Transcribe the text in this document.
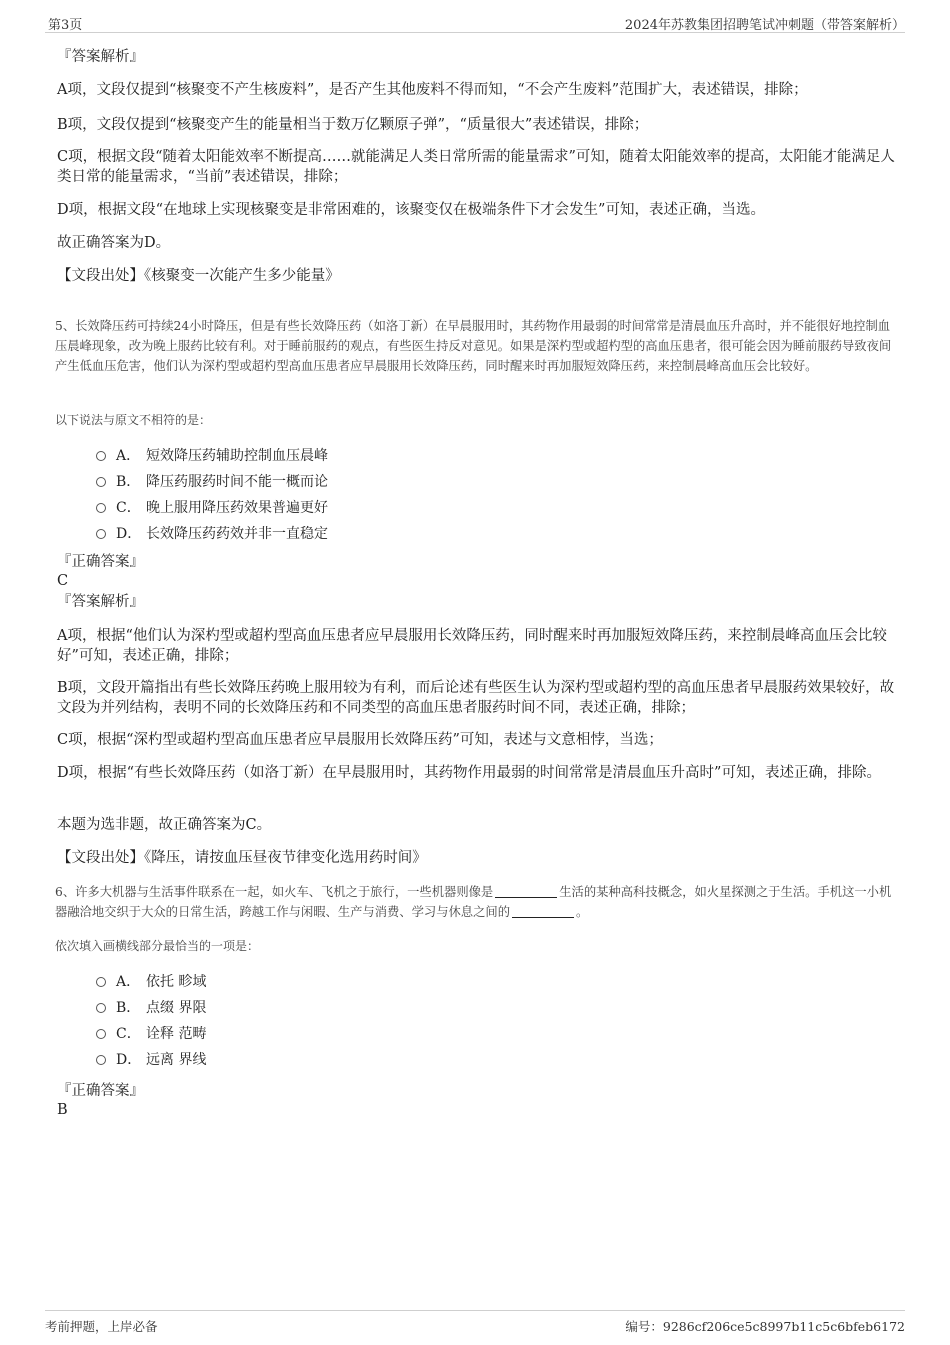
第3页	2024年苏教集团招聘笔试冲刺题（带答案解析）
『答案解析』
A项，文段仅提到“核聚变不产生核废料”，是否产生其他废料不得而知，“不会产生废料”范围扩大，表述错误，排除；
B项，文段仅提到“核聚变产生的能量相当于数万亿颗原子弹”，“质量很大”表述错误，排除；
C项，根据文段“随着太阳能效率不断提高……就能满足人类日常所需的能量需求”可知，随着太阳能效率的提高，太阳能才能满足人类日常的能量需求，“当前”表述错误，排除；
D项，根据文段“在地球上实现核聚变是非常困难的，该聚变仅在极端条件下才会发生”可知，表述正确，当选。
故正确答案为D。
【文段出处】《核聚变一次能产生多少能量》
5、长效降压药可持续24小时降压，但是有些长效降压药（如洛丁新）在早晨服用时，其药物作用最弱的时间常常是清晨血压升高时，并不能很好地控制血压晨峰现象，改为晚上服药比较有利。对于睡前服药的观点，有些医生持反对意见。如果是深杓型或超杓型的高血压患者，很可能会因为睡前服药导致夜间产生低血压危害，他们认为深杓型或超杓型高血压患者应早晨服用长效降压药，同时醒来时再加服短效降压药，来控制晨峰高血压会比较好。
以下说法与原文不相符的是：
A． 短效降压药辅助控制血压晨峰
B． 降压药服药时间不能一概而论
C． 晚上服用降压药效果普遍更好
D． 长效降压药药效并非一直稳定
『正确答案』
C
『答案解析』
A项，根据“他们认为深杓型或超杓型高血压患者应早晨服用长效降压药，同时醒来时再加服短效降压药，来控制晨峰高血压会比较好”可知，表述正确，排除；
B项，文段开篇指出有些长效降压药晚上服用较为有利，而后论述有些医生认为深杓型或超杓型的高血压患者早晨服药效果较好，故文段为并列结构，表明不同的长效降压药和不同类型的高血压患者服药时间不同，表述正确，排除；
C项，根据“深杓型或超杓型高血压患者应早晨服用长效降压药”可知，表述与文意相悖，当选；
D项，根据“有些长效降压药（如洛丁新）在早晨服用时，其药物作用最弱的时间常常是清晨血压升高时”可知，表述正确，排除。
本题为选非题，故正确答案为C。
【文段出处】《降压，请按血压昼夜节律变化选用药时间》
6、许多大机器与生活事件联系在一起，如火车、飞机之于旅行，一些机器则像是	生活的某种高科技概念，如火星探测之于生活。手机这一小机器融洽地交织于大众的日常生活，跨越工作与闲暇、生产与消费、学习与休息之间的	。
依次填入画横线部分最恰当的一项是：
A． 依托 畛域
B． 点缀 界限
C． 诠释 范畴
D． 远离 界线
『正确答案』
B
考前押题，上岸必备	编号：9286cf206ce5c8997b11c5c6bfeb6172
